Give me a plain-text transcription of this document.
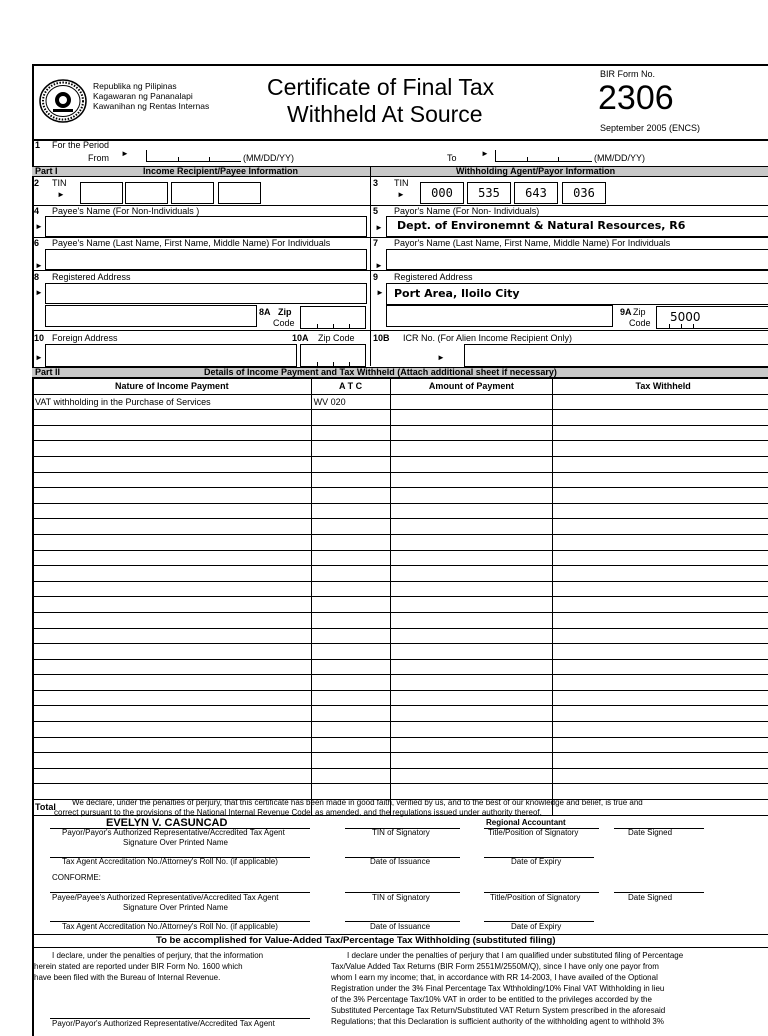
Republika ng Pilipinas
Kagawaran ng Pananalapi
Kawanihan ng Rentas Internas
Certificate of Final Tax
Withheld At Source
BIR Form No.
2306
September 2005 (ENCS)
1 For the Period
From ►	(MM/DD/YY)	To	►	(MM/DD/YY)
Part I	Income Recipient/Payee Information	Withholding Agent/Payor Information
2 TIN
►
3 TIN
►	000	535	643	036
4 Payee's Name (For Non-Individuals )
►
5 Payor's Name (For Non- Individuals)
► Dept. of Environemnt & Natural Resources, R6
6 Payee's Name (Last Name, First Name, Middle Name) For Individuals
►
7 Payor's Name (Last Name, First Name, Middle Name) For Individuals
►
8 Registered Address
►
8A Zip
Code
9 Registered Address
► Port Area, Iloilo City
9A Zip
Code 5000
10 Foreign Address
►
10A Zip Code 10B ICR No. (For Alien Income Recipient Only)
►
Part II	Details of Income Payment and Tax Withheld (Attach additional sheet if necessary)
Nature of Income Payment	A T C	Amount of Payment	Tax Withheld
VAT withholding in the Purchase of Services	WV 020		

Total			We declare, under the penalties of perjury, that this certificate has been made in good faith, verified by us, and to the best of our knowledge and belief, is true and
correct pursuant to the provisions of the National Internal Revenue Code, as amended, and the regulations issued under authority thereof.
EVELYN V. CASUNCAD	Regional Accountant
Payor/Payor's Authorized Representative/Accredited Tax Agent
Signature Over Printed Name
TIN of Signatory	Title/Position of Signatory	Date Signed
Tax Agent Accreditation No./Attorney's Roll No. (if applicable)	Date of Issuance	Date of Expiry
CONFORME:
Payee/Payee's Authorized Representative/Accredited Tax Agent
Signature Over Printed Name
TIN of Signatory	Title/Position of Signatory	Date Signed
Tax Agent Accreditation No./Attorney's Roll No. (if applicable)	Date of Issuance	Date of Expiry
To be accomplished for Value-Added Tax/Percentage Tax Withholding (substituted filing)
I declare, under the penalties of perjury, that the information
herein stated are reported under BIR Form No. 1600 which
have been filed with the Bureau of Internal Revenue.
I declare under the penalties of perjury that I am qualified under substituted filing of Percentage
Tax/Value Added Tax Returns (BIR Form 2551M/2550M/Q), since I have only one payor from
whom I earn my income; that, in accordance with RR 14-2003, I have availed of the Optional
Registration under the 3% Final Percentage Tax Wthholding/10% Final VAT Withholding in lieu
of the 3% Percentage Tax/10% VAT in order to be entitled to the privileges accorded by the
Substituted Percentage Tax Return/Substituted VAT Return System prescribed in the aforesaid
Regulations; that this Declaration is sufficient authority of the withholding agent to withhold 3%
Payor/Payor's Authorized Representative/Accredited Tax Agent
